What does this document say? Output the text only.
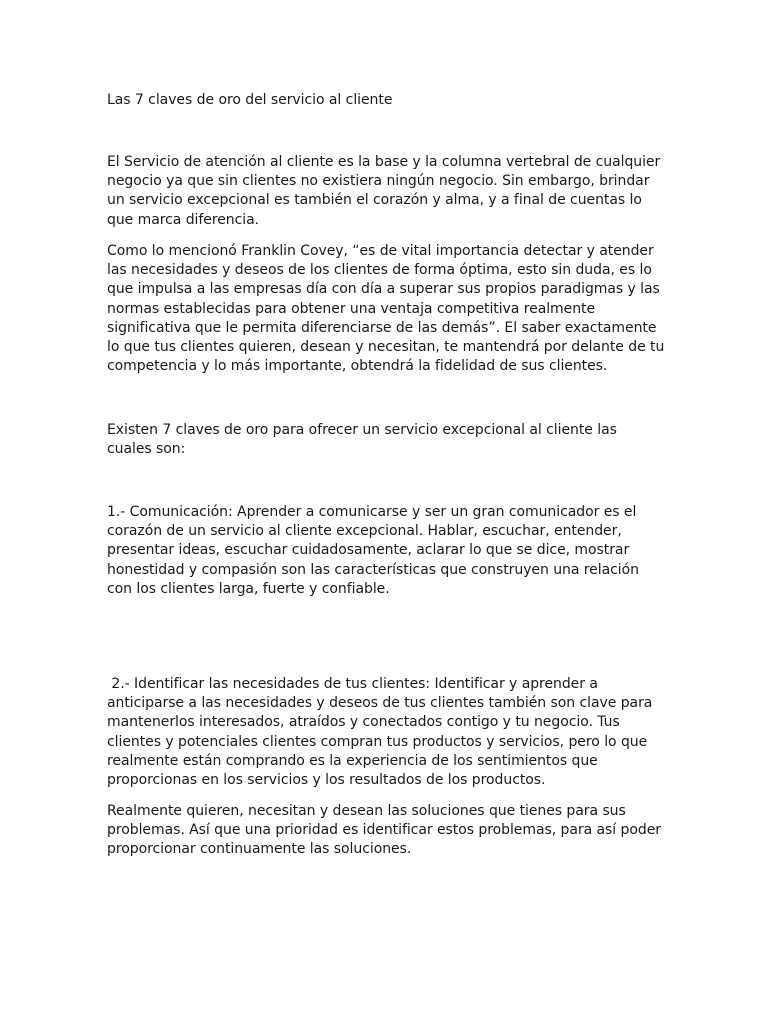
Las 7 claves de oro del servicio al cliente

El Servicio de atención al cliente es la base y la columna vertebral de cualquier
negocio ya que sin clientes no existiera ningún negocio. Sin embargo, brindar
un servicio excepcional es también el corazón y alma, y a final de cuentas lo
que marca diferencia.

Como lo mencionó Franklin Covey, “es de vital importancia detectar y atender
las necesidades y deseos de los clientes de forma óptima, esto sin duda, es lo
que impulsa a las empresas día con día a superar sus propios paradigmas y las
normas establecidas para obtener una ventaja competitiva realmente
significativa que le permita diferenciarse de las demás”. El saber exactamente
lo que tus clientes quieren, desean y necesitan, te mantendrá por delante de tu
competencia y lo más importante, obtendrá la fidelidad de sus clientes.

Existen 7 claves de oro para ofrecer un servicio excepcional al cliente las
cuales son:

1.- Comunicación: Aprender a comunicarse y ser un gran comunicador es el
corazón de un servicio al cliente excepcional. Hablar, escuchar, entender,
presentar ideas, escuchar cuidadosamente, aclarar lo que se dice, mostrar
honestidad y compasión son las características que construyen una relación
con los clientes larga, fuerte y confiable.

2.- Identificar las necesidades de tus clientes: Identificar y aprender a
anticiparse a las necesidades y deseos de tus clientes también son clave para
mantenerlos interesados, atraídos y conectados contigo y tu negocio. Tus
clientes y potenciales clientes compran tus productos y servicios, pero lo que
realmente están comprando es la experiencia de los sentimientos que
proporcionas en los servicios y los resultados de los productos.

Realmente quieren, necesitan y desean las soluciones que tienes para sus
problemas. Así que una prioridad es identificar estos problemas, para así poder
proporcionar continuamente las soluciones.
